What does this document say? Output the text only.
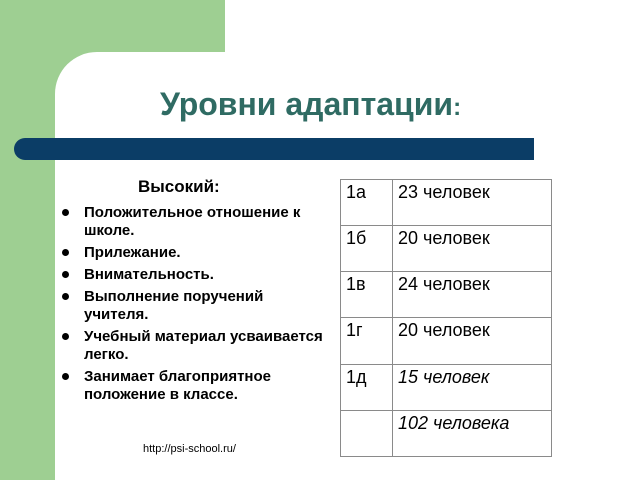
Уровни адаптации:
Высокий:
Положительное отношение к школе.
Прилежание.
Внимательность.
Выполнение поручений учителя.
Учебный материал усваивается легко.
Занимает благоприятное положение в классе.
1а	23 человек
1б	20 человек
1в	24 человек
1г	20 человек
1д	15 человек
	102 человека
http://psi-school.ru/
